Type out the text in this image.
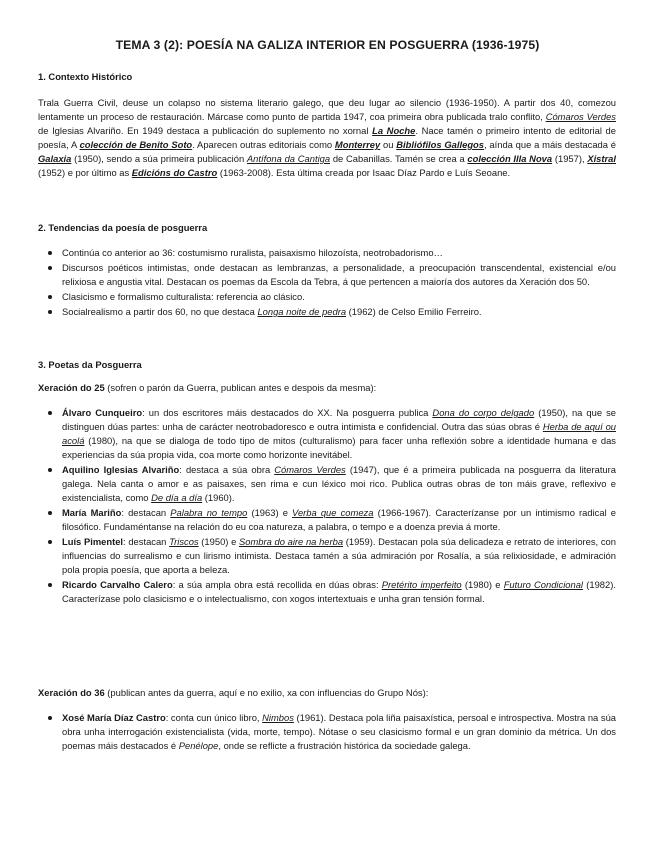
TEMA 3 (2): POESÍA NA GALIZA INTERIOR EN POSGUERRA (1936-1975)
1. Contexto Histórico
Trala Guerra Civil, deuse un colapso no sistema literario galego, que deu lugar ao silencio (1936-1950). A partir dos 40, comezou lentamente un proceso de restauración. Márcase como punto de partida 1947, coa primeira obra publicada tralo conflito, Cómaros Verdes de Iglesias Alvariño. En 1949 destaca a publicación do suplemento no xornal La Noche. Nace tamén o primeiro intento de editorial de poesía, A colección de Benito Soto. Aparecen outras editoriais como Monterrey ou Bibliófilos Gallegos, aínda que a máis destacada é Galaxia (1950), sendo a súa primeira publicación Antífona da Cantiga de Cabanillas. Tamén se crea a colección Illa Nova (1957), Xistral (1952) e por último as Edicións do Castro (1963-2008). Esta última creada por Isaac Díaz Pardo e Luís Seoane.
2. Tendencias da poesía de posguerra
Continúa co anterior ao 36: costumismo ruralista, paisaxismo hilozoísta, neotrobadorismo…
Discursos poéticos intimistas, onde destacan as lembranzas, a personalidade, a preocupación transcendental, existencial e/ou relixiosa e angustia vital. Destacan os poemas da Escola da Tebra, á que pertencen a maioría dos autores da Xeración dos 50.
Clasicismo e formalismo culturalista: referencia ao clásico.
Socialrealismo a partir dos 60, no que destaca Longa noite de pedra (1962) de Celso Emilio Ferreiro.
3. Poetas da Posguerra
Xeración do 25 (sofren o parón da Guerra, publican antes e despois da mesma):
Álvaro Cunqueiro: un dos escritores máis destacados do XX. Na posguerra publica Dona do corpo delgado (1950), na que se distinguen dúas partes: unha de carácter neotrobadoresco e outra intimista e confidencial. Outra das súas obras é Herba de aquí ou acolá (1980), na que se dialoga de todo tipo de mitos (culturalismo) para facer unha reflexión sobre a identidade humana e das experiencias da súa propia vida, coa morte como horizonte inevitábel.
Aquilino Iglesias Alvariño: destaca a súa obra Cómaros Verdes (1947), que é a primeira publicada na posguerra da literatura galega. Nela canta o amor e as paisaxes, sen rima e cun léxico moi rico. Publica outras obras de ton máis grave, reflexivo e existencialista, como De día a día (1960).
María Mariño: destacan Palabra no tempo (1963) e Verba que comeza (1966-1967). Caracterízanse por un intimismo radical e filosófico. Fundaméntanse na relación do eu coa natureza, a palabra, o tempo e a doenza previa á morte.
Luís Pimentel: destacan Triscos (1950) e Sombra do aire na herba (1959). Destacan pola súa delicadeza e retrato de interiores, con influencias do surrealismo e cun lirismo intimista. Destaca tamén a súa admiración por Rosalía, a súa relixiosidade, e admiración pola propia poesía, que aporta a beleza.
Ricardo Carvalho Calero: a súa ampla obra está recollida en dúas obras: Pretérito imperfeito (1980) e Futuro Condicional (1982). Caracterízase polo clasicismo e o intelectualismo, con xogos intertextuais e unha gran tensión formal.
Xeración do 36 (publican antes da guerra, aquí e no exilio, xa con influencias do Grupo Nós):
Xosé María Díaz Castro: conta cun único libro, Nimbos (1961). Destaca pola liña paisaxística, persoal e introspectiva. Mostra na súa obra unha interrogación existencialista (vida, morte, tempo). Nótase o seu clasicismo formal e un gran dominio da métrica. Un dos poemas máis destacados é Penélope, onde se reflicte a frustración histórica da sociedade galega.
